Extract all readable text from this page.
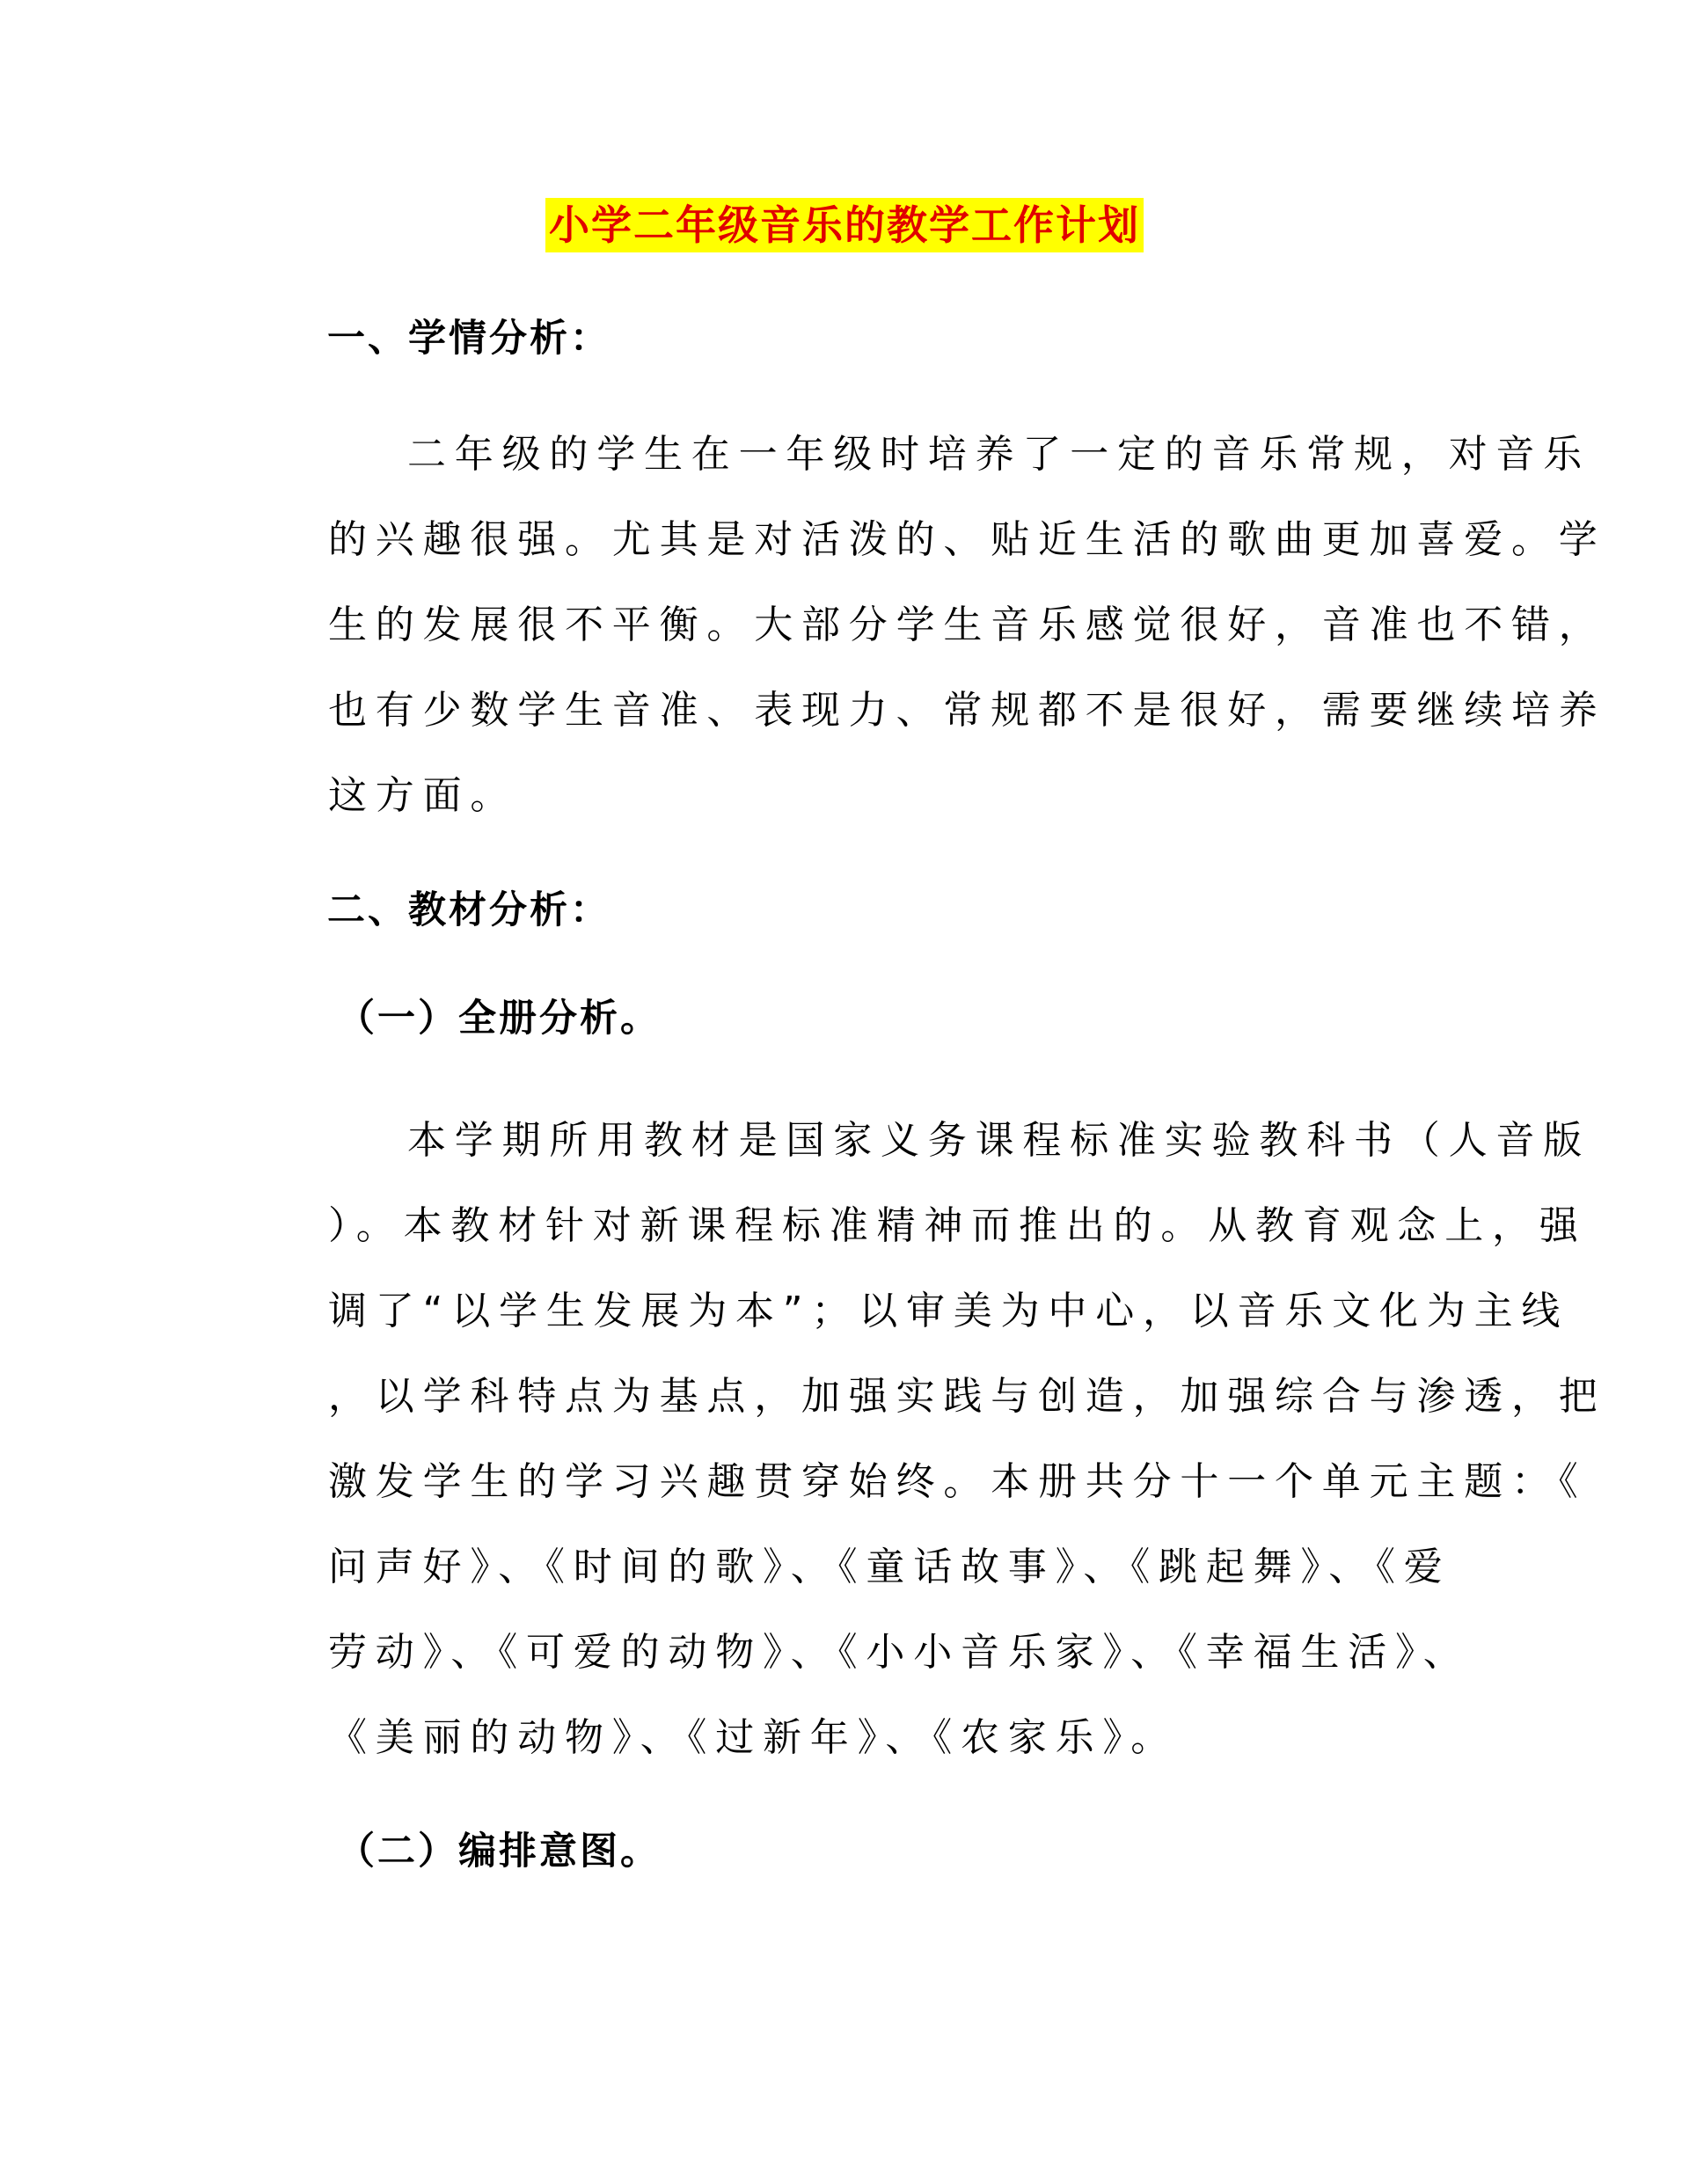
小学二年级音乐的教学工作计划
一、学情分析：
二年级的学生在一年级时培养了一定的音乐常规，对音乐
的兴趣很强。尤其是对活泼的、贴近生活的歌曲更加喜爱。学
生的发展很不平衡。大部分学生音乐感觉很好，音准也不错，
也有少数学生音准、表现力、常规都不是很好，需要继续培养
这方面。
二、教材分析：
（一）全册分析。
本学期所用教材是国家义务课程标准实验教科书（人音版
）。本教材针对新课程标准精神而推出的。从教育观念上，强
调了“以学生发展为本”；以审美为中心，以音乐文化为主线
，以学科特点为基点，加强实践与创造，加强综合与渗透，把
激发学生的学习兴趣贯穿始终。本册共分十一个单元主题：《
问声好》、《时间的歌》、《童话故事》、《跳起舞》、《爱
劳动》、《可爱的动物》、《小小音乐家》、《幸福生活》、
《美丽的动物》、《过新年》、《农家乐》。
（二）编排意图。
